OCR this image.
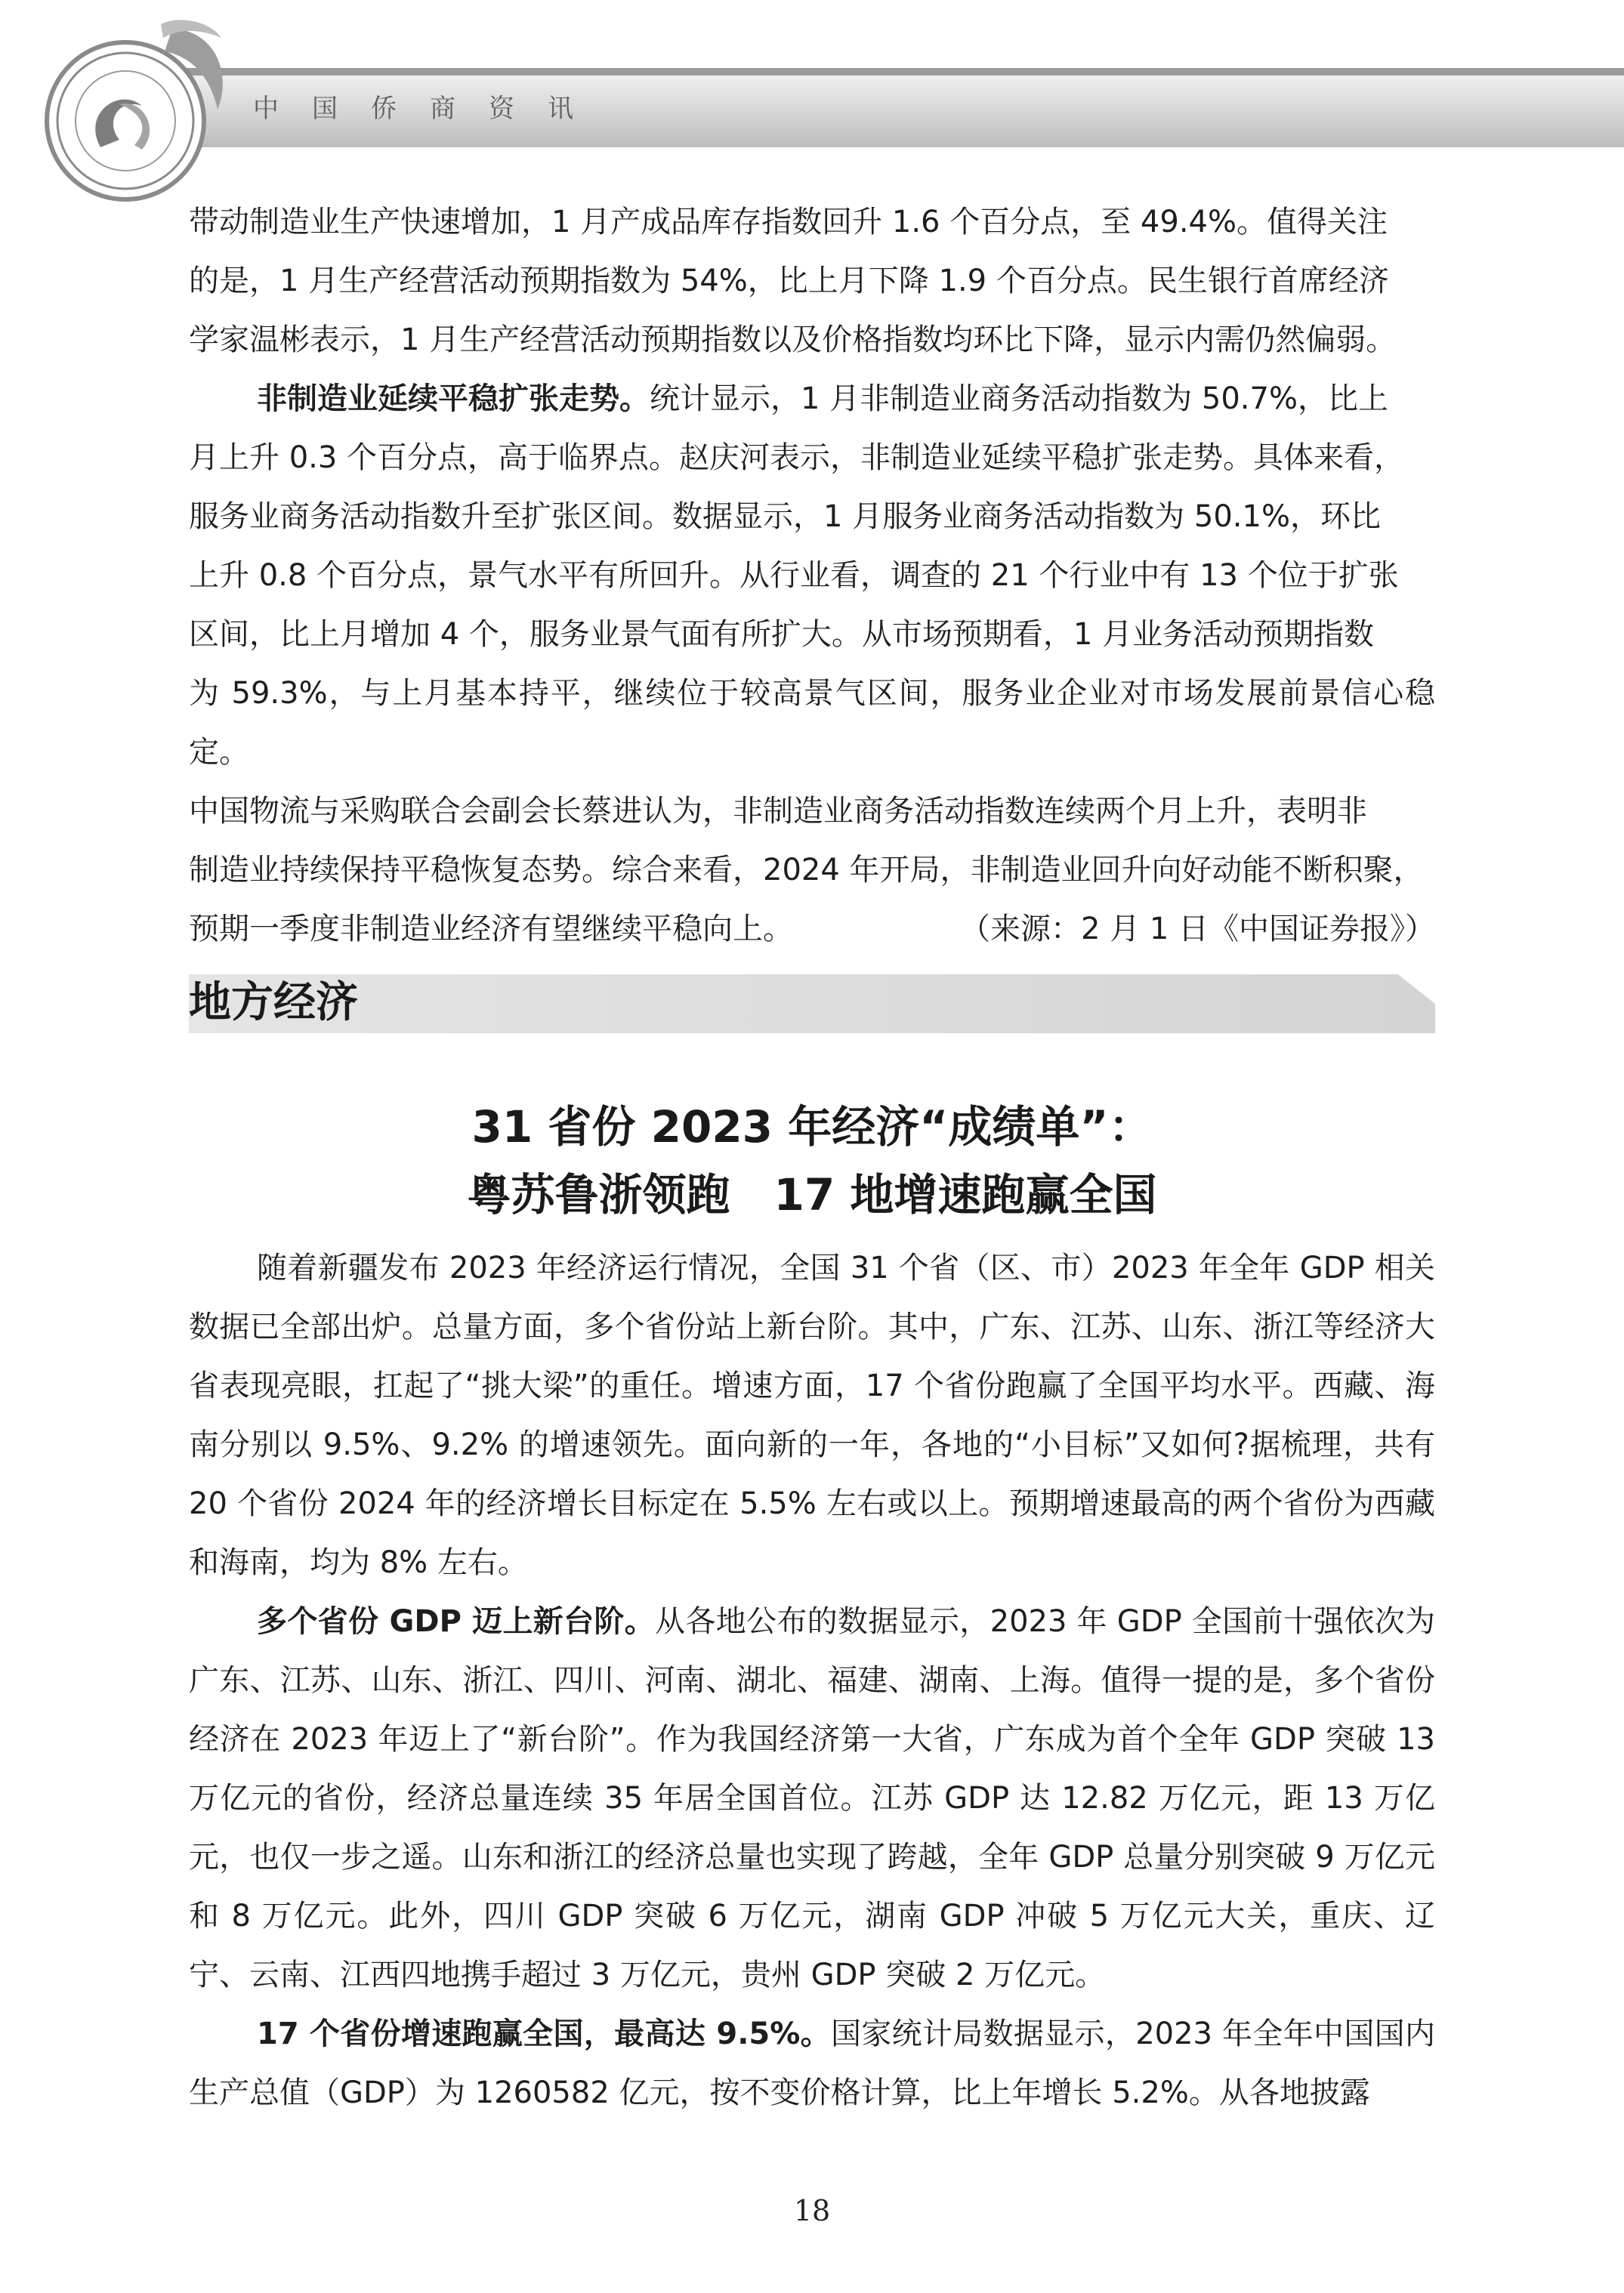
中国侨商资讯

带动制造业生产快速增加，1 月产成品库存指数回升 1.6 个百分点，至 49.4%。值得关注

的是，1 月生产经营活动预期指数为 54%，比上月下降 1.9 个百分点。民生银行首席经济

学家温彬表示，1 月生产经营活动预期指数以及价格指数均环比下降，显示内需仍然偏弱。

非制造业延续平稳扩张走势。统计显示，1 月非制造业商务活动指数为 50.7%，比上

月上升 0.3 个百分点，高于临界点。赵庆河表示，非制造业延续平稳扩张走势。具体来看，

服务业商务活动指数升至扩张区间。数据显示，1 月服务业商务活动指数为 50.1%，环比

上升 0.8 个百分点，景气水平有所回升。从行业看，调查的 21 个行业中有 13 个位于扩张

区间，比上月增加 4 个，服务业景气面有所扩大。从市场预期看，1 月业务活动预期指数

为 59.3%，与上月基本持平，继续位于较高景气区间，服务业企业对市场发展前景信心稳定。

中国物流与采购联合会副会长蔡进认为，非制造业商务活动指数连续两个月上升，表明非

制造业持续保持平稳恢复态势。综合来看，2024 年开局，非制造业回升向好动能不断积聚，

预期一季度非制造业经济有望继续平稳向上。	（来源：2 月 1 日《中国证券报》）

地方经济
31 省份 2023 年经济“成绩单”：
粤苏鲁浙领跑　17 地增速跑赢全国

随着新疆发布 2023 年经济运行情况，全国 31 个省（区、市）2023 年全年 GDP 相关数据已全部出炉。总量方面，多个省份站上新台阶。其中，广东、江苏、山东、浙江等经济大省表现亮眼，扛起了“挑大梁”的重任。增速方面，17 个省份跑赢了全国平均水平。西藏、海南分别以 9.5%、9.2% 的增速领先。面向新的一年，各地的“小目标”又如何?据梳理，共有 20 个省份 2024 年的经济增长目标定在 5.5% 左右或以上。预期增速最高的两个省份为西藏和海南，均为 8% 左右。

多个省份 GDP 迈上新台阶。从各地公布的数据显示，2023 年 GDP 全国前十强依次为广东、江苏、山东、浙江、四川、河南、湖北、福建、湖南、上海。值得一提的是，多个省份经济在 2023 年迈上了“新台阶”。作为我国经济第一大省，广东成为首个全年 GDP 突破 13 万亿元的省份，经济总量连续 35 年居全国首位。江苏 GDP 达 12.82 万亿元，距 13 万亿元，也仅一步之遥。山东和浙江的经济总量也实现了跨越，全年 GDP 总量分别突破 9 万亿元和 8 万亿元。此外，四川 GDP 突破 6 万亿元，湖南 GDP 冲破 5 万亿元大关，重庆、辽宁、云南、江西四地携手超过 3 万亿元，贵州 GDP 突破 2 万亿元。

17 个省份增速跑赢全国，最高达 9.5%。国家统计局数据显示，2023 年全年中国国内生产总值（GDP）为 1260582 亿元，按不变价格计算，比上年增长 5.2%。从各地披露

18
